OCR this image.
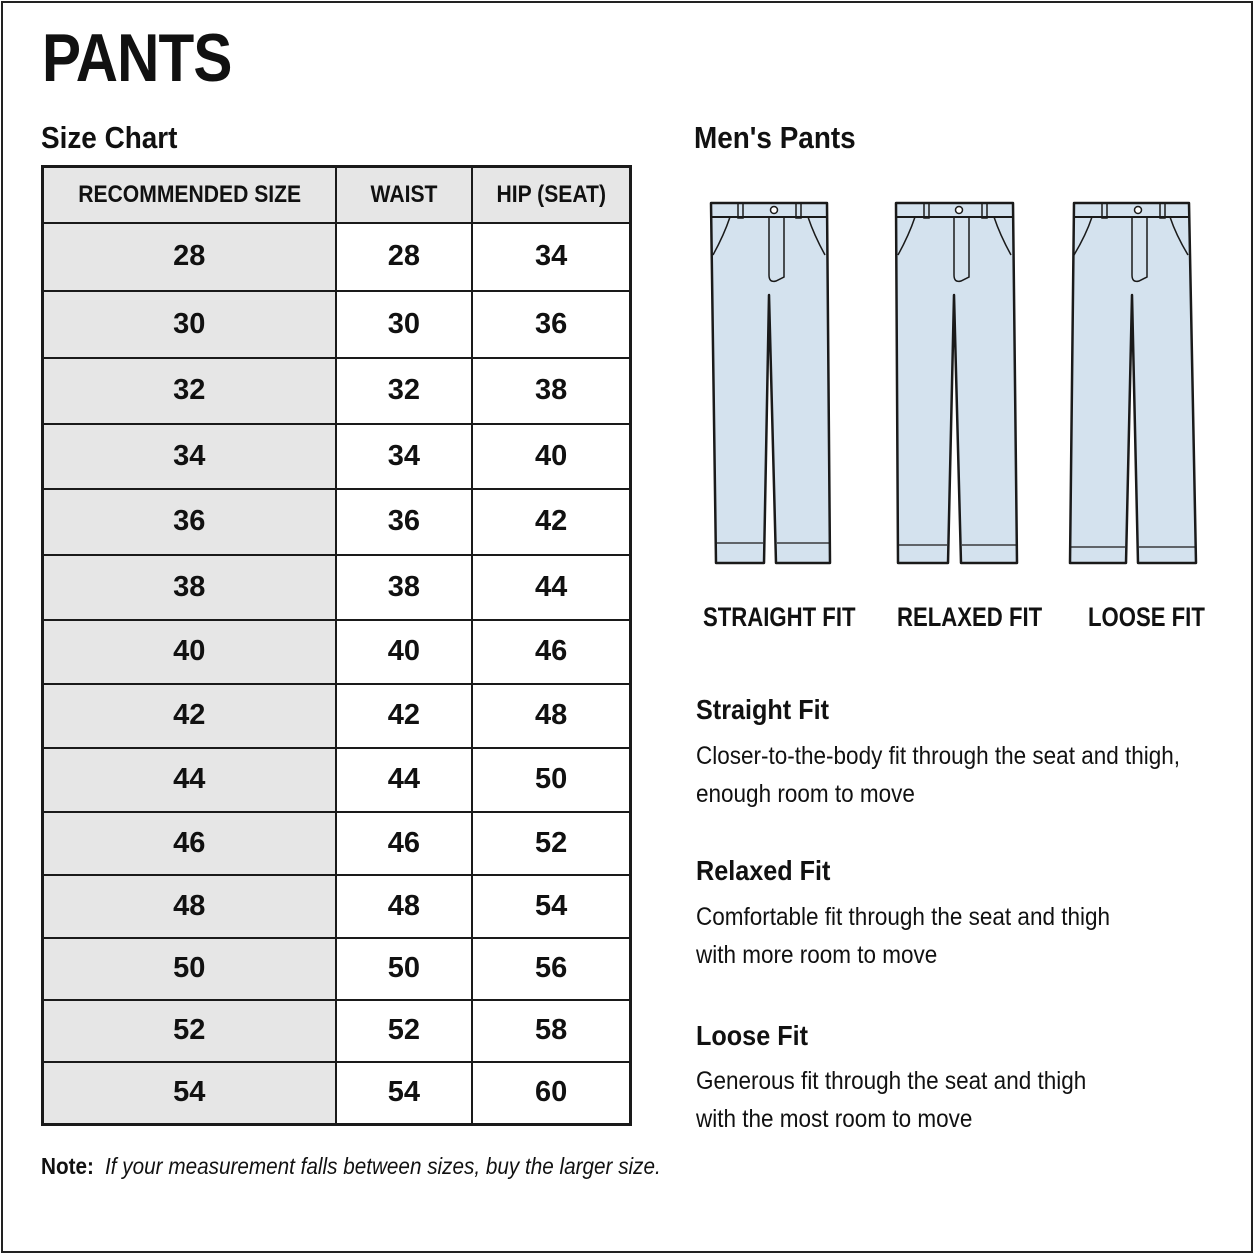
PANTS
Size Chart	Men's Pants
RECOMMENDED SIZE	WAIST	HIP (SEAT)
28	28	34
30	30	36
32	32	38
34	34	40
36	36	42
38	38	44
40	40	46
42	42	48
44	44	50
46	46	52
48	48	54
50	50	56
52	52	58
54	54	60
Note: If your measurement falls between sizes, buy the larger size.
STRAIGHT FIT RELAXED FIT LOOSE FIT
Straight Fit
Closer-to-the-body fit through the seat and thigh,
enough room to move
Relaxed Fit
Comfortable fit through the seat and thigh
with more room to move
Loose Fit
Generous fit through the seat and thigh
with the most room to move
